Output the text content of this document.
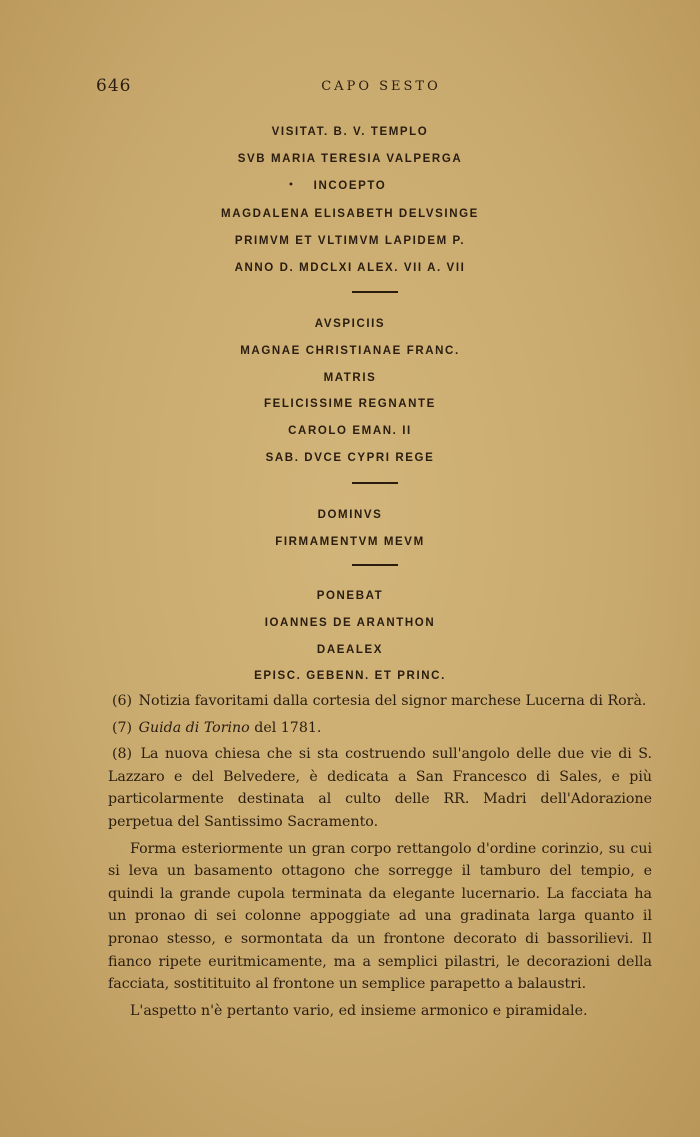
646	CAPO SESTO
•
VISITAT. B. V. TEMPLO
SVB MARIA TERESIA VALPERGA
INCOEPTO
MAGDALENA ELISABETH DELVSINGE
PRIMVM ET VLTIMVM LAPIDEM P.
ANNO D. MDCLXI ALEX. VII A. VII
AVSPICIIS
MAGNAE CHRISTIANAE FRANC.
MATRIS
FELICISSIME REGNANTE
CAROLO EMAN. II
SAB. DVCE CYPRI REGE
DOMINVS
FIRMAMENTVM MEVM
PONEBAT
IOANNES DE ARANTHON
DAEALEX
EPISC. GEBENN. ET PRINC.

(6) Notizia favoritami dalla cortesia del signor marchese Lucerna di Rorà.

(7) Guida di Torino del 1781.

(8) La nuova chiesa che si sta costruendo sull'angolo delle due vie di S. Lazzaro e del Belvedere, è dedicata a San Francesco di Sales, e più particolarmente destinata al culto delle RR. Madri dell'Adorazione perpetua del Santissimo Sacramento.

Forma esteriormente un gran corpo rettangolo d'ordine corinzio, su cui si leva un basamento ottagono che sorregge il tamburo del tempio, e quindi la grande cupola terminata da elegante lucernario. La facciata ha un pronao di sei colonne appoggiate ad una gradinata larga quanto il pronao stesso, e sormontata da un frontone decorato di bassorilievi. Il fianco ripete euritmicamente, ma a semplici pilastri, le decorazioni della facciata, sostitituito al frontone un semplice parapetto a balaustri.

L'aspetto n'è pertanto vario, ed insieme armonico e piramidale.
